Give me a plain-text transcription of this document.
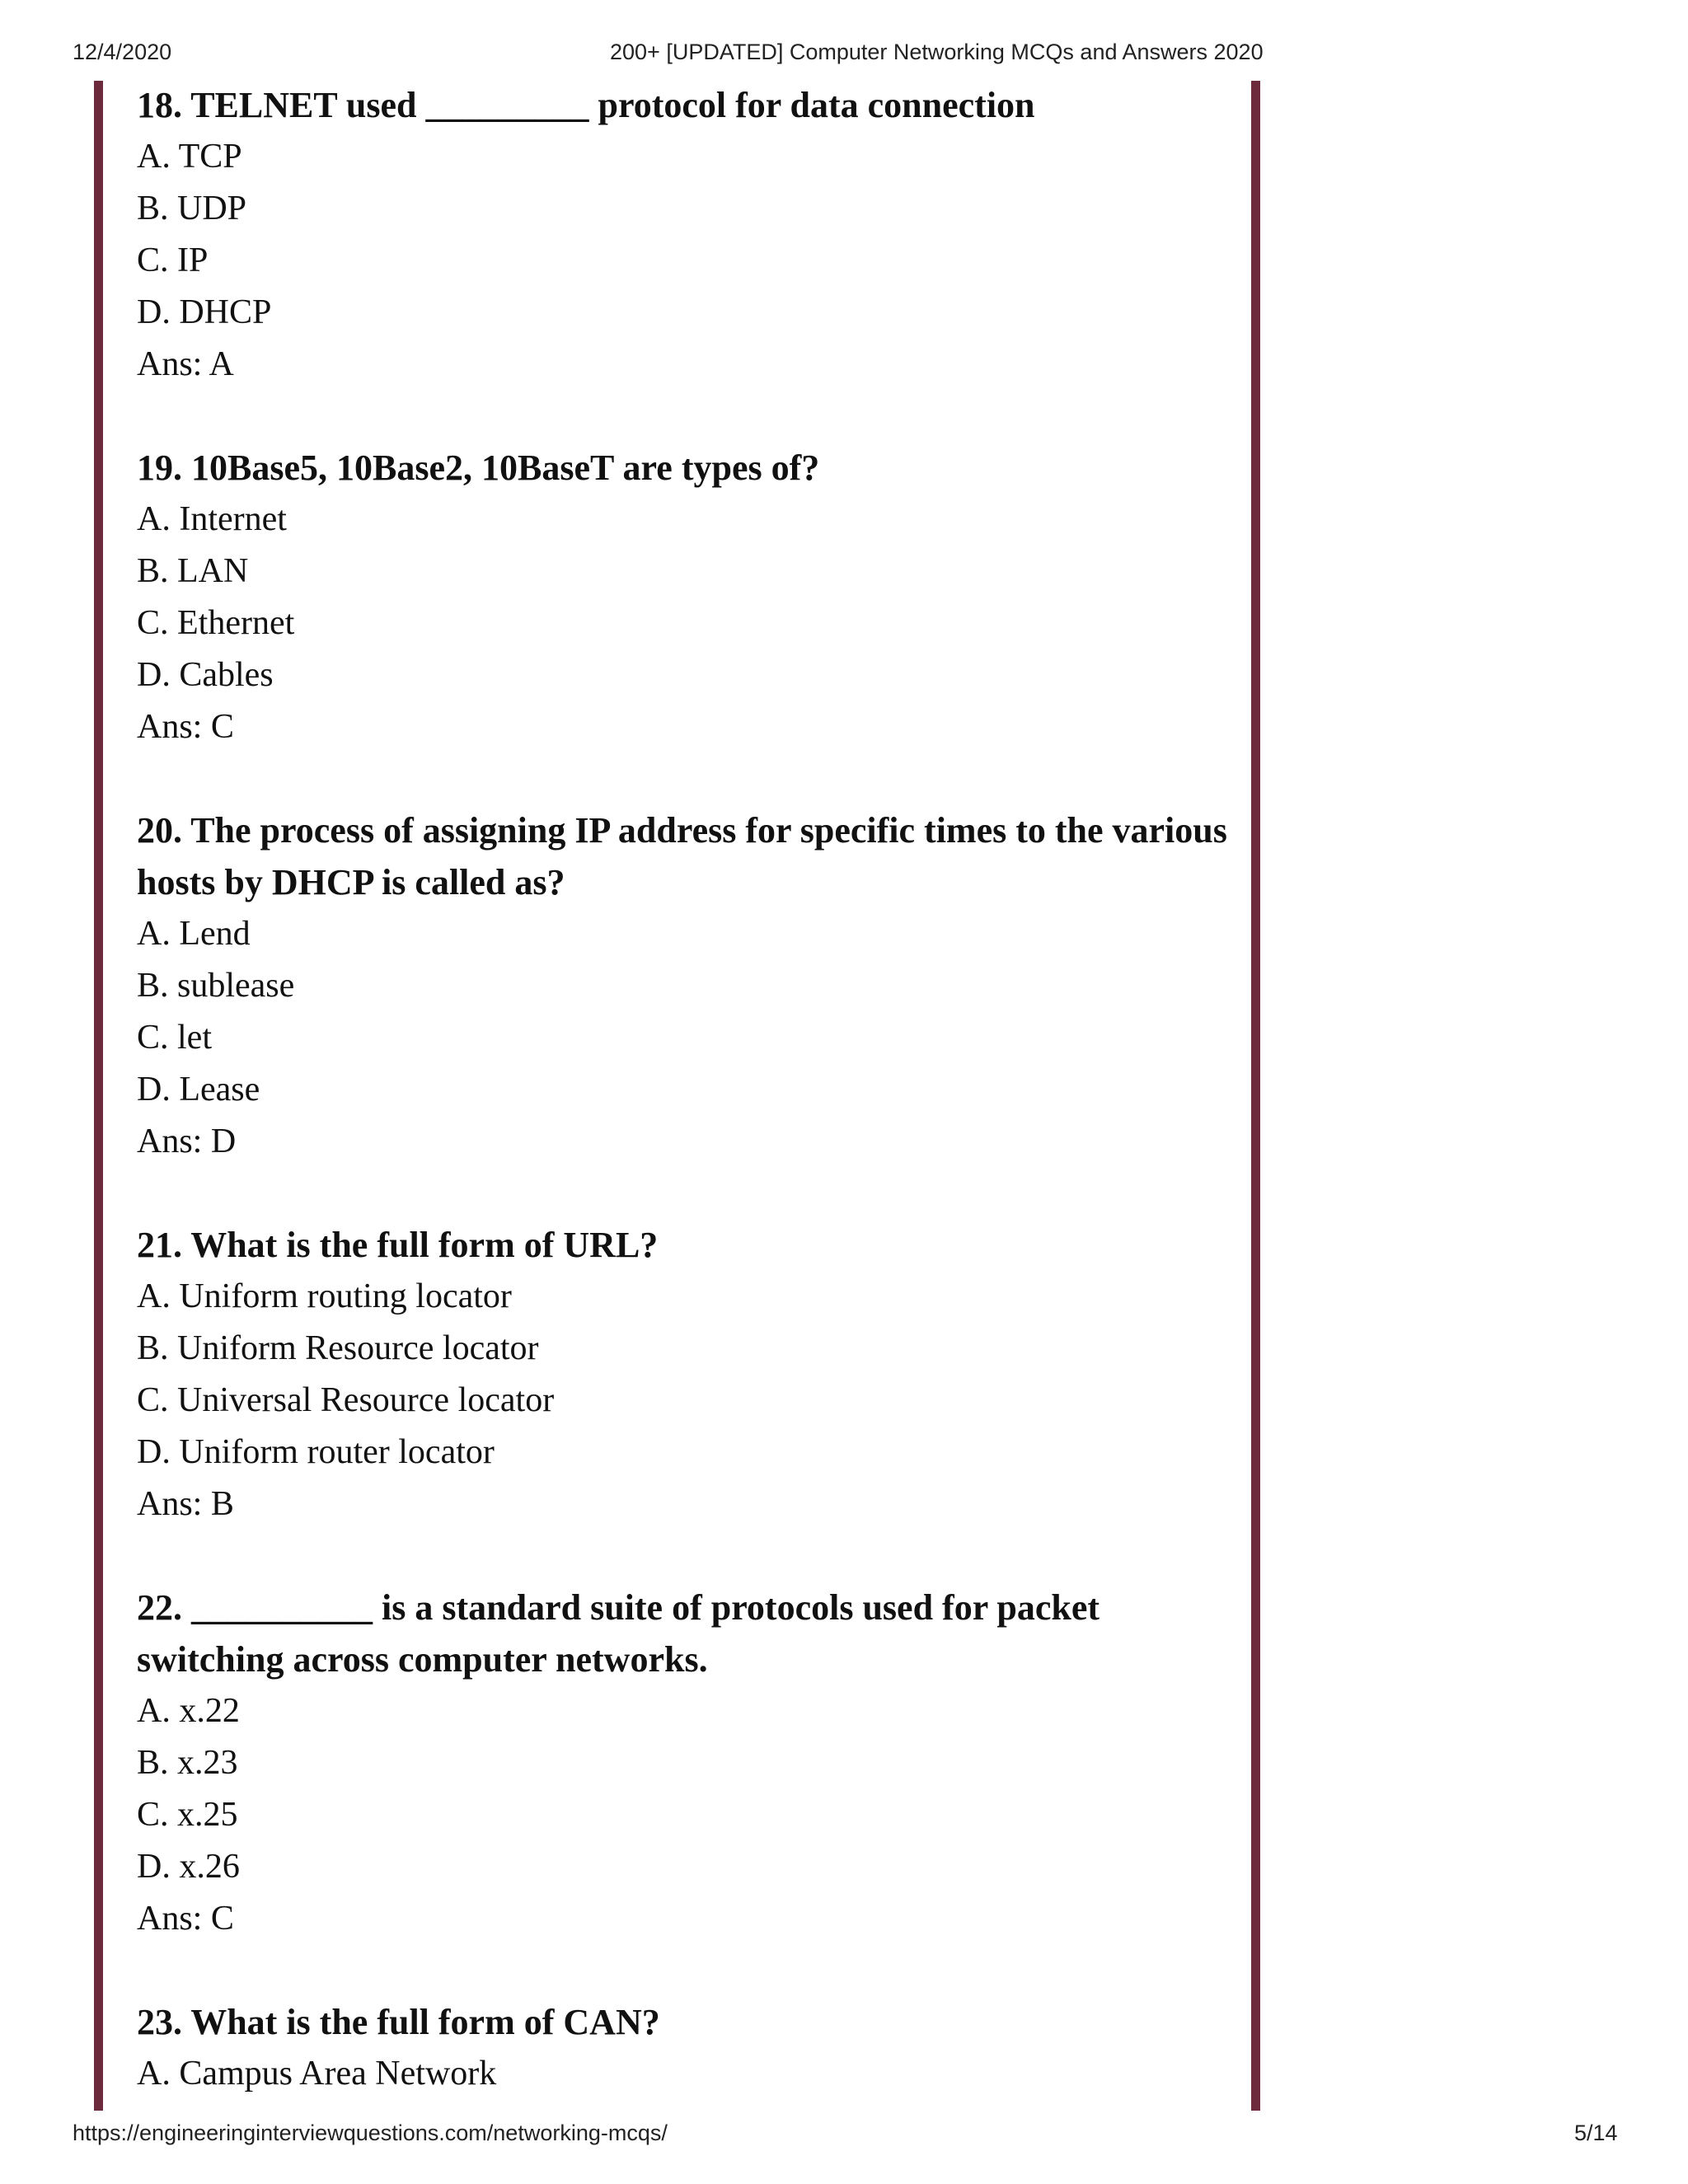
12/4/2020	200+ [UPDATED] Computer Networking MCQs and Answers 2020

18. TELNET used _________ protocol for data connection

A. TCP

B. UDP

C. IP

D. DHCP

Ans: A

19. 10Base5, 10Base2, 10BaseT are types of?

A. Internet

B. LAN

C. Ethernet

D. Cables

Ans: C

20. The process of assigning IP address for specific times to the various hosts by DHCP is called as?

A. Lend

B. sublease

C. let

D. Lease

Ans: D

21. What is the full form of URL?

A. Uniform routing locator

B. Uniform Resource locator

C. Universal Resource locator

D. Uniform router locator

Ans: B

22. __________ is a standard suite of protocols used for packet switching across computer networks.

A. x.22

B. x.23

C. x.25

D. x.26

Ans: C

23. What is the full form of CAN?

A. Campus Area Network

https://engineeringinterviewquestions.com/networking-mcqs/	5/14
